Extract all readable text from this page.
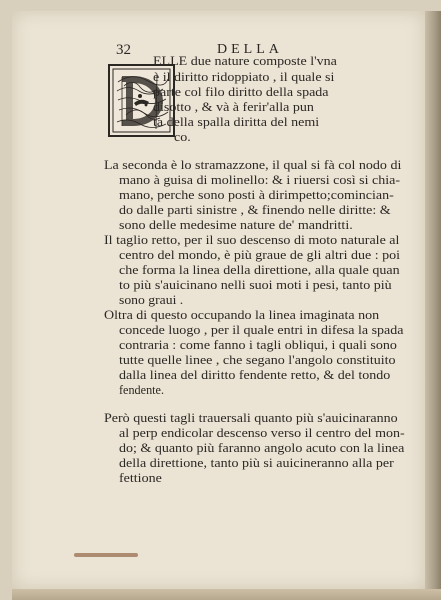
32	DELLA
ELLE due nature composte l'vna
è il diritto ridoppiato , il quale si
parte col filo diritto della spada
disotto , & và à ferir'alla pun
ta della spalla diritta del nemi
co.
La seconda è lo stramazzone, il qual si fà col nodo di
mano à guisa di molinello: & i riuersi così si chia-
mano, perche sono posti à dirimpetto;comincian-
do dalle parti sinistre , & finendo nelle diritte: &
sono delle medesime nature de' mandritti.
Il taglio retto, per il suo descenso di moto naturale al
centro del mondo, è più graue de gli altri due : poi
che forma la linea della direttione, alla quale quan
to più s'auicinano nelli suoi moti i pesi, tanto più
sono graui .
Oltra di questo occupando la linea imaginata non
concede luogo , per il quale entri in difesa la spada
contraria : come fanno i tagli obliqui, i quali sono
tutte quelle linee , che segano l'angolo constituito
dalla linea del diritto fendente retto, & del tondo
fendente.
Però questi tagli trauersali quanto più s'auicinaranno
al perp endicolar descenso verso il centro del mon-
do; & quanto più faranno angolo acuto con la linea
della direttione, tanto più si auicineranno alla per
fettione
